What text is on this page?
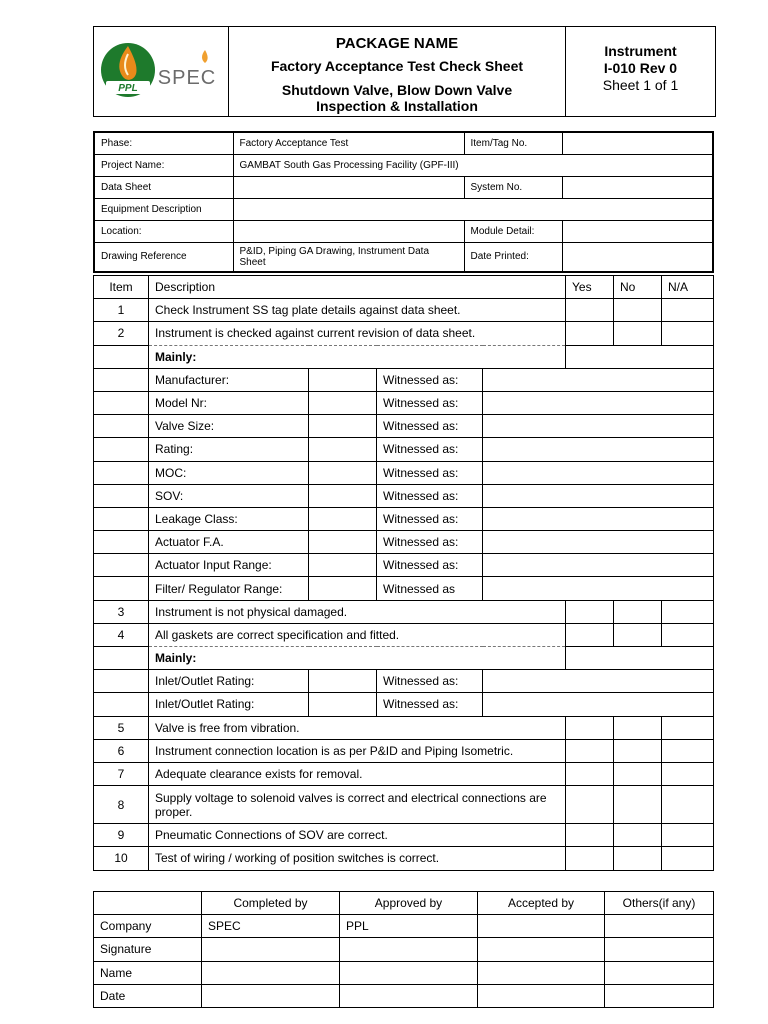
PPL SPEC
PACKAGE NAME
Factory Acceptance Test Check Sheet
Shutdown Valve, Blow Down Valve
Inspection & Installation
Instrument
I-010 Rev 0
Sheet 1 of 1
Phase:	Factory Acceptance Test	Item/Tag No.	
Project Name:	GAMBAT South Gas Processing Facility (GPF-III)		
Data Sheet		System No.	
Equipment Description			
Location:		Module Detail:	
Drawing Reference	P&ID, Piping GA Drawing, Instrument Data Sheet	Date Printed:	
Item	Description				Yes	No	N/A
1	Check Instrument SS tag plate details against data sheet.						
2	Instrument is checked against current revision of data sheet.						
	Mainly:						
	Manufacturer:		Witnessed as:				
	Model Nr:		Witnessed as:				
	Valve Size:		Witnessed as:				
	Rating:		Witnessed as:				
	MOC:		Witnessed as:				
	SOV:		Witnessed as:				
	Leakage Class:		Witnessed as:				
	Actuator F.A.		Witnessed as:				
	Actuator Input Range:		Witnessed as:				
	Filter/ Regulator Range:		Witnessed as				
3	Instrument is not physical damaged.						
4	All gaskets are correct specification and fitted.						
	Mainly:						
	Inlet/Outlet Rating:		Witnessed as:				
	Inlet/Outlet Rating:		Witnessed as:				
5	Valve is free from vibration.						
6	Instrument connection location is as per P&ID and Piping Isometric.						
7	Adequate clearance exists for removal.						
8	Supply voltage to solenoid valves is correct and electrical connections are proper.						
9	Pneumatic Connections of SOV are correct.						
10	Test of wiring / working of position switches is correct.						
	Completed by	Approved by	Accepted by	Others(if any)
Company	SPEC	PPL		
Signature				
Name				
Date				
